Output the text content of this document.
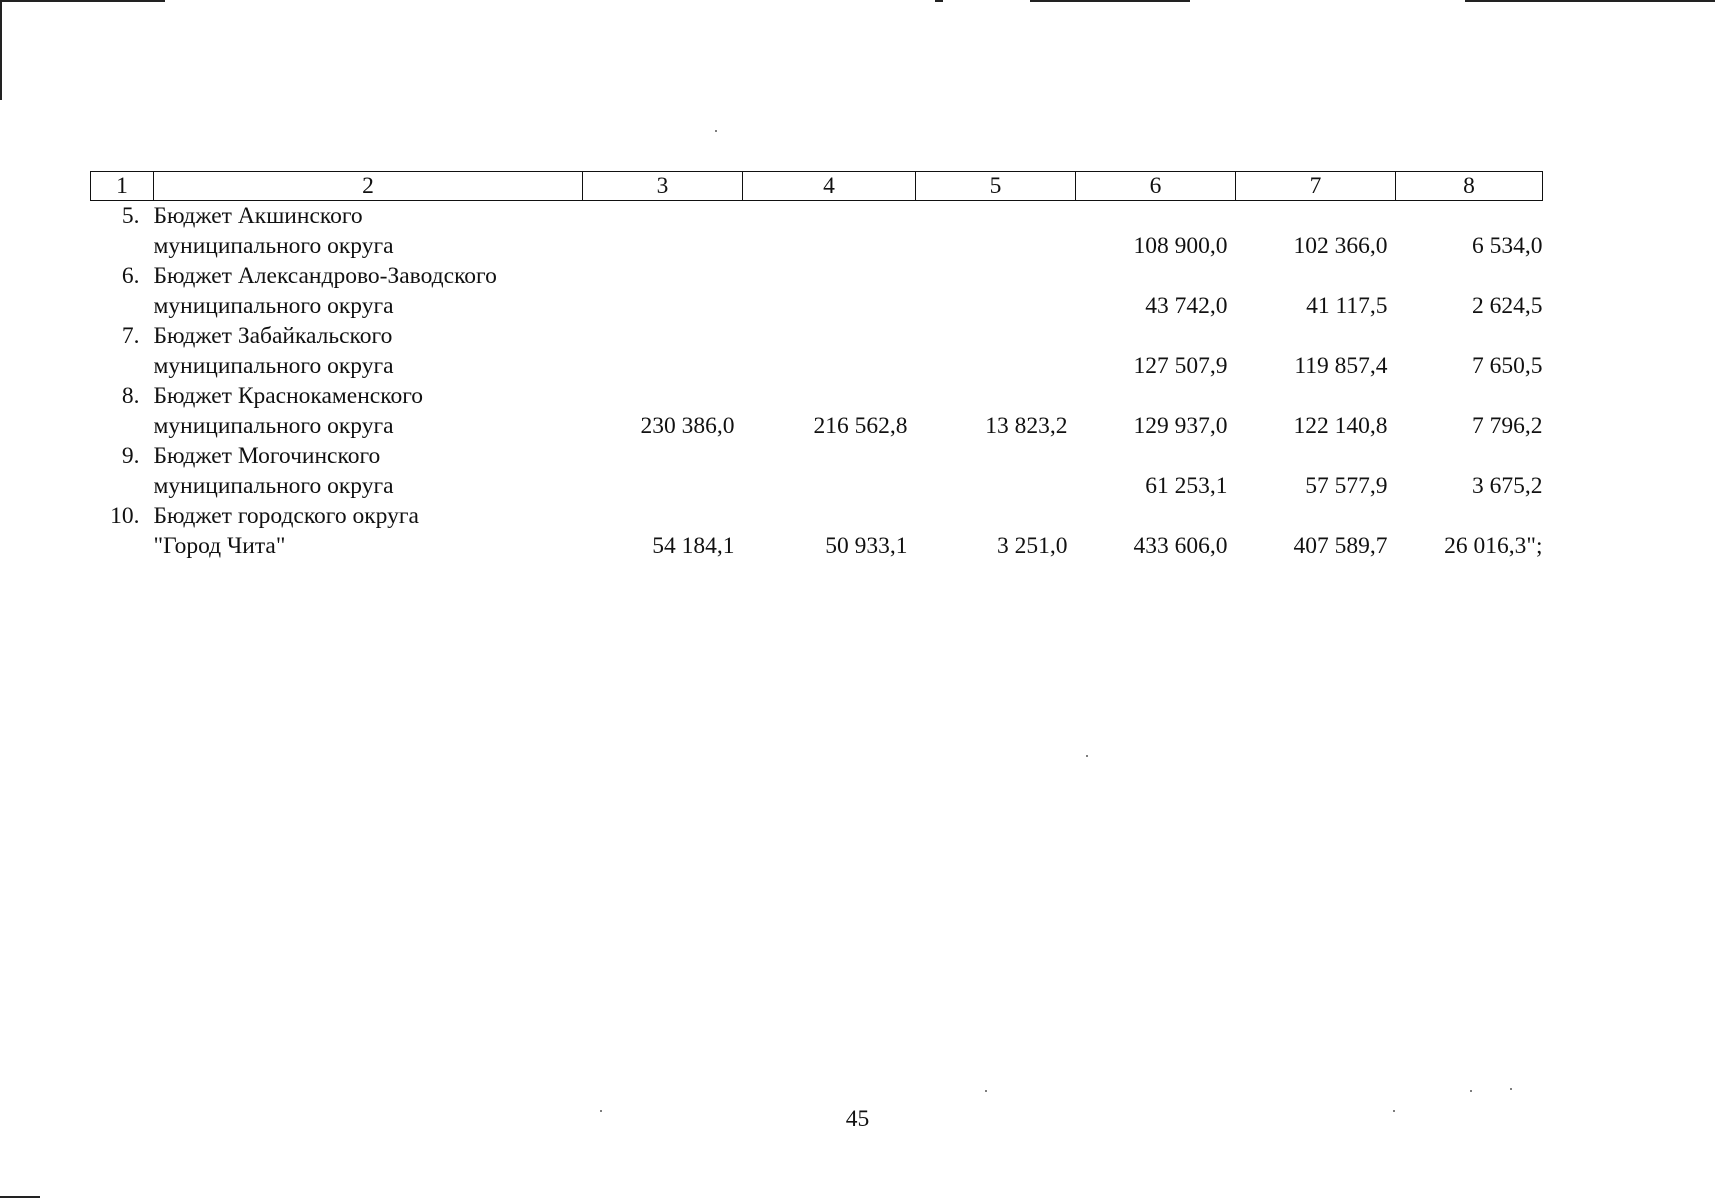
1	2	3	4	5	6	7	8
5.	Бюджет Акшинского
муниципального округа				108 900,0	102 366,0	6 534,0
6.	Бюджет Александрово-Заводского
муниципального округа				43 742,0	41 117,5	2 624,5
7.	Бюджет Забайкальского
муниципального округа				127 507,9	119 857,4	7 650,5
8.	Бюджет Краснокаменского
муниципального округа	230 386,0	216 562,8	13 823,2	129 937,0	122 140,8	7 796,2
9.	Бюджет Могочинского
муниципального округа				61 253,1	57 577,9	3 675,2
10.	Бюджет городского округа
"Город Чита"	54 184,1	50 933,1	3 251,0	433 606,0	407 589,7	26 016,3";
45
